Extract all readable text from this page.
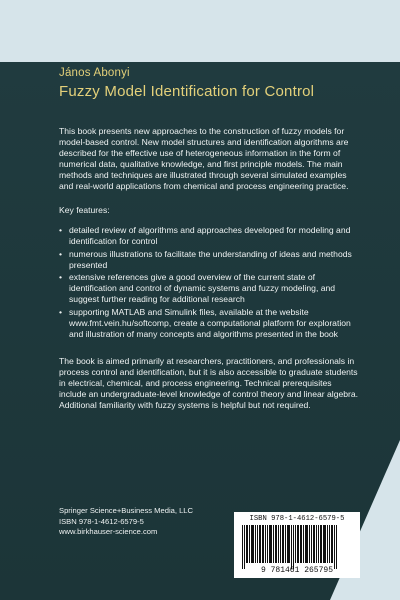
János Abonyi
Fuzzy Model Identification for Control
This book presents new approaches to the construction of fuzzy models for model-based control. New model structures and identification algorithms are described for the effective use of heterogeneous information in the form of numerical data, qualitative knowledge, and first principle models. The main methods and techniques are illustrated through several simulated examples and real-world applications from chemical and process engineering practice.
Key features:
• detailed review of algorithms and approaches developed for modeling and identification for control
• numerous illustrations to facilitate the understanding of ideas and methods presented
• extensive references give a good overview of the current state of identification and control of dynamic systems and fuzzy modeling, and suggest further reading for additional research
• supporting MATLAB and Simulink files, available at the website www.fmt.vein.hu/softcomp, create a computational platform for exploration and illustration of many concepts and algorithms presented in the book
The book is aimed primarily at researchers, practitioners, and professionals in process control and identification, but it is also accessible to graduate students in electrical, chemical, and process engineering. Technical prerequisites include an undergraduate-level knowledge of control theory and linear algebra. Additional familiarity with fuzzy systems is helpful but not required.
Springer Science+Business Media, LLC
ISBN 978-1-4612-6579-5
www.birkhauser-science.com
ISBN 978-1-4612-6579-5
9 781461 265795
